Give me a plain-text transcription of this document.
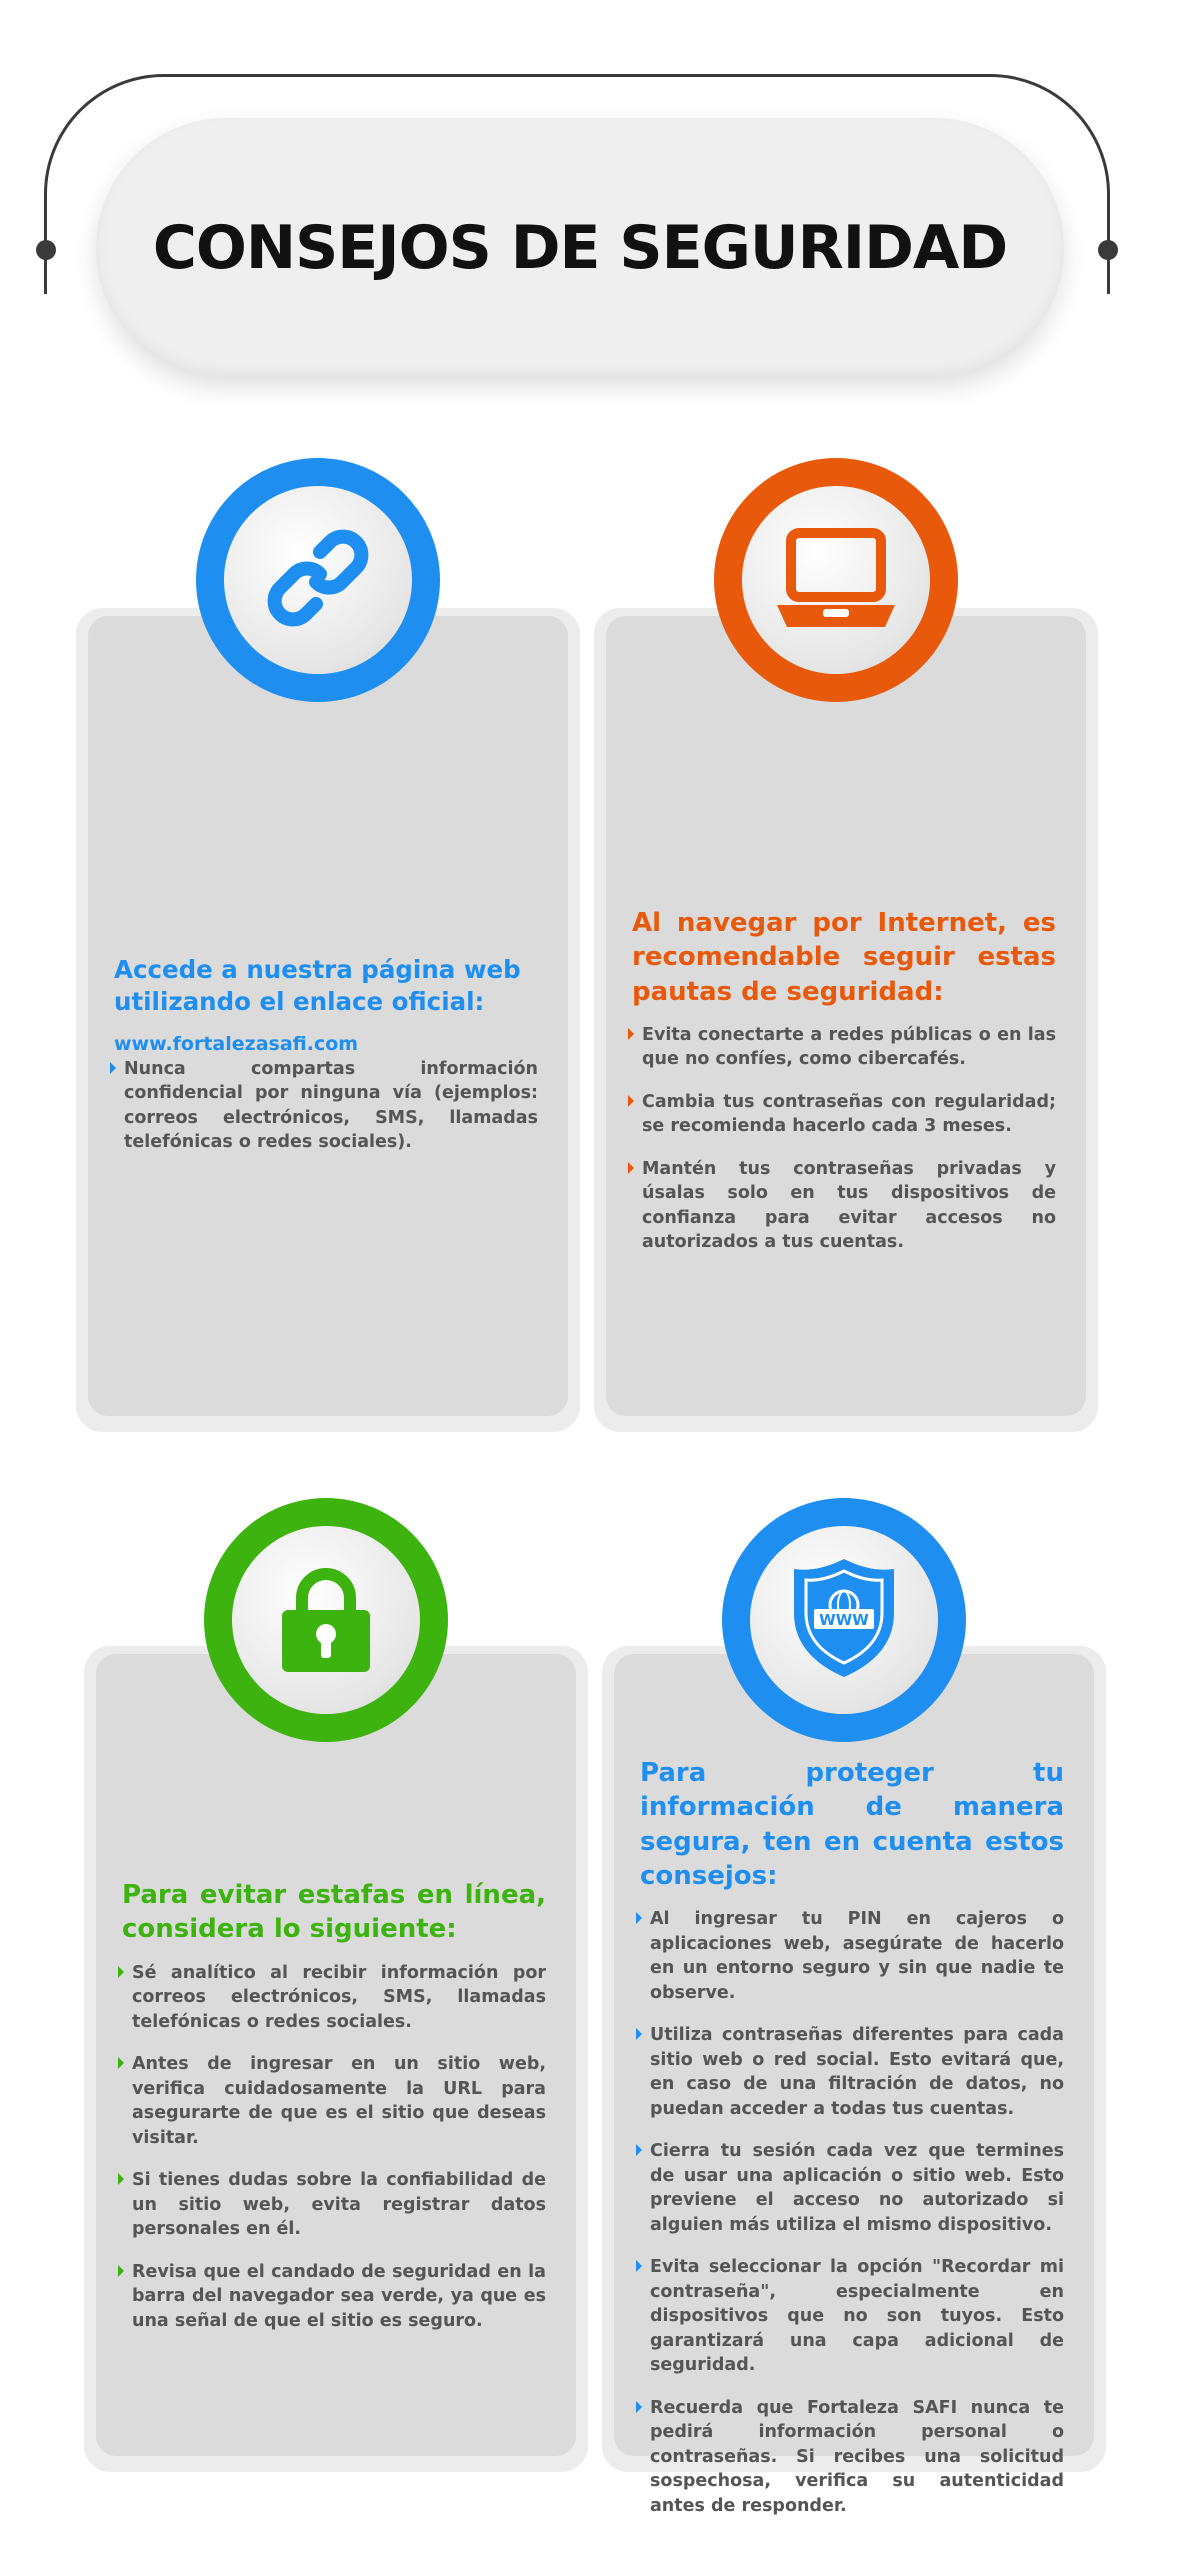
CONSEJOS DE SEGURIDAD

Accede a nuestra página web utilizando el enlace oficial:

www.fortalezasafi.com

Nunca compartas información confidencial por ninguna vía (ejemplos: correos electrónicos, SMS, llamadas telefónicas o redes sociales).

Al navegar por Internet, es recomendable seguir estas pautas de seguridad:

Evita conectarte a redes públicas o en las que no confíes, como cibercafés.

Cambia tus contraseñas con regularidad; se recomienda hacerlo cada 3 meses.

Mantén tus contraseñas privadas y úsalas solo en tus dispositivos de confianza para evitar accesos no autorizados a tus cuentas.

Para evitar estafas en línea, considera lo siguiente:

Sé analítico al recibir información por correos electrónicos, SMS, llamadas telefónicas o redes sociales.

Antes de ingresar en un sitio web, verifica cuidadosamente la URL para asegurarte de que es el sitio que deseas visitar.

Si tienes dudas sobre la confiabilidad de un sitio web, evita registrar datos personales en él.

Revisa que el candado de seguridad en la barra del navegador sea verde, ya que es una señal de que el sitio es seguro.

WWW

Para proteger tu información de manera segura, ten en cuenta estos consejos:

Al ingresar tu PIN en cajeros o aplicaciones web, asegúrate de hacerlo en un entorno seguro y sin que nadie te observe.

Utiliza contraseñas diferentes para cada sitio web o red social. Esto evitará que, en caso de una filtración de datos, no puedan acceder a todas tus cuentas.

Cierra tu sesión cada vez que termines de usar una aplicación o sitio web. Esto previene el acceso no autorizado si alguien más utiliza el mismo dispositivo.

Evita seleccionar la opción "Recordar mi contraseña", especialmente en dispositivos que no son tuyos. Esto garantizará una capa adicional de seguridad.

Recuerda que Fortaleza SAFI nunca te pedirá información personal o contraseñas. Si recibes una solicitud sospechosa, verifica su autenticidad antes de responder.
